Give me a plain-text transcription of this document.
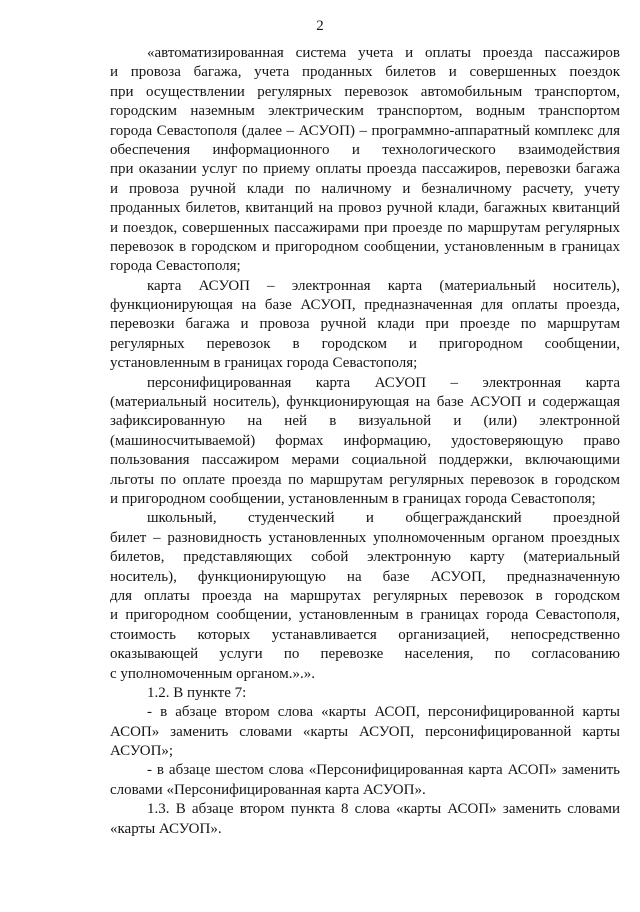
2
«автоматизированная система учета и оплаты проезда пассажиров
и провоза багажа, учета проданных билетов и совершенных поездок
при осуществлении регулярных перевозок автомобильным транспортом,
городским наземным электрическим транспортом, водным транспортом
города Севастополя (далее – АСУОП) – программно-аппаратный комплекс для
обеспечения информационного и технологического взаимодействия
при оказании услуг по приему оплаты проезда пассажиров, перевозки багажа
и провоза ручной клади по наличному и безналичному расчету, учету
проданных билетов, квитанций на провоз ручной клади, багажных квитанций
и поездок, совершенных пассажирами при проезде по маршрутам регулярных
перевозок в городском и пригородном сообщении, установленным в границах
города Севастополя;
карта АСУОП – электронная карта (материальный носитель),
функционирующая на базе АСУОП, предназначенная для оплаты проезда,
перевозки багажа и провоза ручной клади при проезде по маршрутам
регулярных перевозок в городском и пригородном сообщении,
установленным в границах города Севастополя;
персонифицированная карта АСУОП – электронная карта
(материальный носитель), функционирующая на базе АСУОП и содержащая
зафиксированную на ней в визуальной и (или) электронной
(машиносчитываемой) формах информацию, удостоверяющую право
пользования пассажиром мерами социальной поддержки, включающими
льготы по оплате проезда по маршрутам регулярных перевозок в городском
и пригородном сообщении, установленным в границах города Севастополя;
школьный, студенческий и общегражданский проездной
билет – разновидность установленных уполномоченным органом проездных
билетов, представляющих собой электронную карту (материальный
носитель), функционирующую на базе АСУОП, предназначенную
для оплаты проезда на маршрутах регулярных перевозок в городском
и пригородном сообщении, установленным в границах города Севастополя,
стоимость которых устанавливается организацией, непосредственно
оказывающей услуги по перевозке населения, по согласованию
с уполномоченным органом.».».
1.2. В пункте 7:
- в абзаце втором слова «карты АСОП, персонифицированной карты
АСОП» заменить словами «карты АСУОП, персонифицированной карты
АСУОП»;
- в абзаце шестом слова «Персонифицированная карта АСОП» заменить
словами «Персонифицированная карта АСУОП».
1.3. В абзаце втором пункта 8 слова «карты АСОП» заменить словами
«карты АСУОП».
